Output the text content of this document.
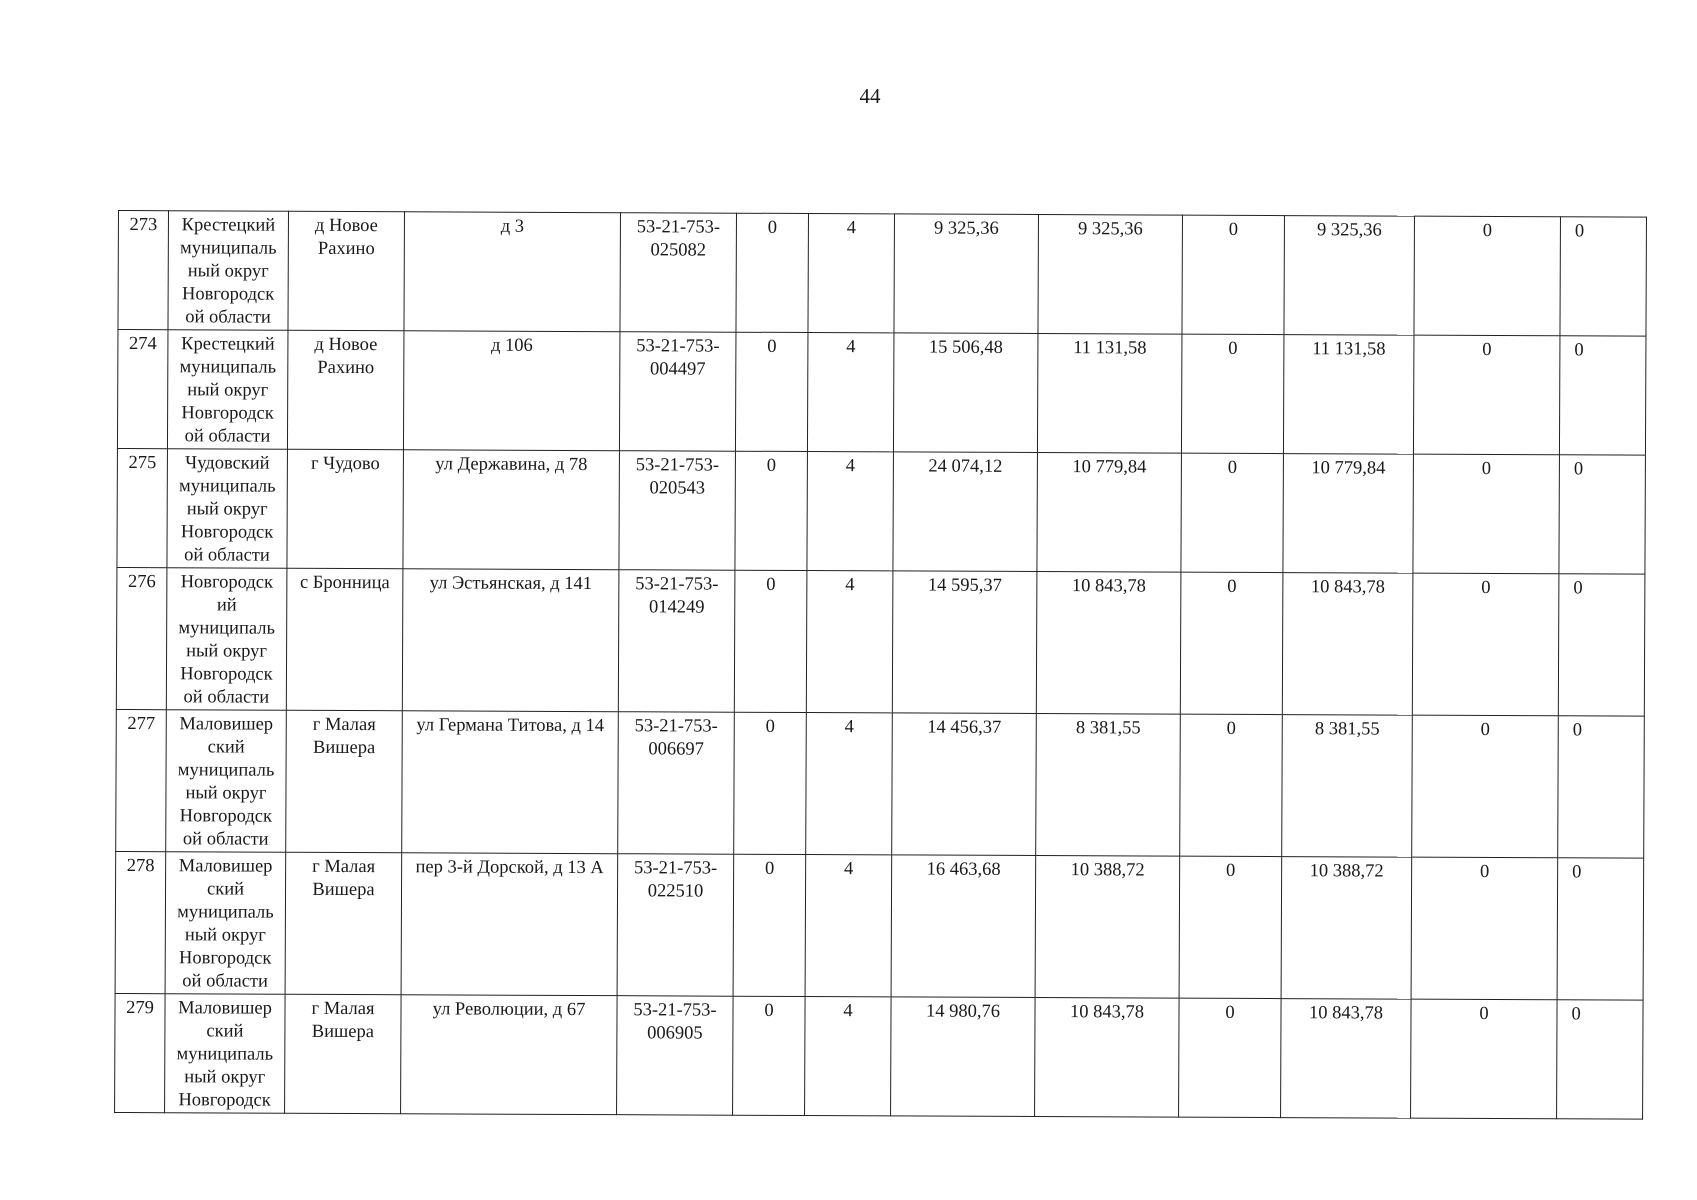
44
273	Крестецкий муниципаль ный округ Новгородск ой области	д Новое Рахино	д 3	53-21-753-025082	0	4	9 325,36	9 325,36	0	9 325,36	0	0
274	Крестецкий муниципаль ный округ Новгородск ой области	д Новое Рахино	д 106	53-21-753-004497	0	4	15 506,48	11 131,58	0	11 131,58	0	0
275	Чудовский муниципаль ный округ Новгородск ой области	г Чудово	ул Державина, д 78	53-21-753-020543	0	4	24 074,12	10 779,84	0	10 779,84	0	0
276	Новгородск ий муниципаль ный округ Новгородск ой области	с Бронница	ул Эстьянская, д 141	53-21-753-014249	0	4	14 595,37	10 843,78	0	10 843,78	0	0
277	Маловишер ский муниципаль ный округ Новгородск ой области	г Малая Вишера	ул Германа Титова, д 14	53-21-753-006697	0	4	14 456,37	8 381,55	0	8 381,55	0	0
278	Маловишер ский муниципаль ный округ Новгородск ой области	г Малая Вишера	пер 3-й Дорской, д 13 А	53-21-753-022510	0	4	16 463,68	10 388,72	0	10 388,72	0	0
279	Маловишер ский муниципаль ный округ Новгородск	г Малая Вишера	ул Революции, д 67	53-21-753-006905	0	4	14 980,76	10 843,78	0	10 843,78	0	0
